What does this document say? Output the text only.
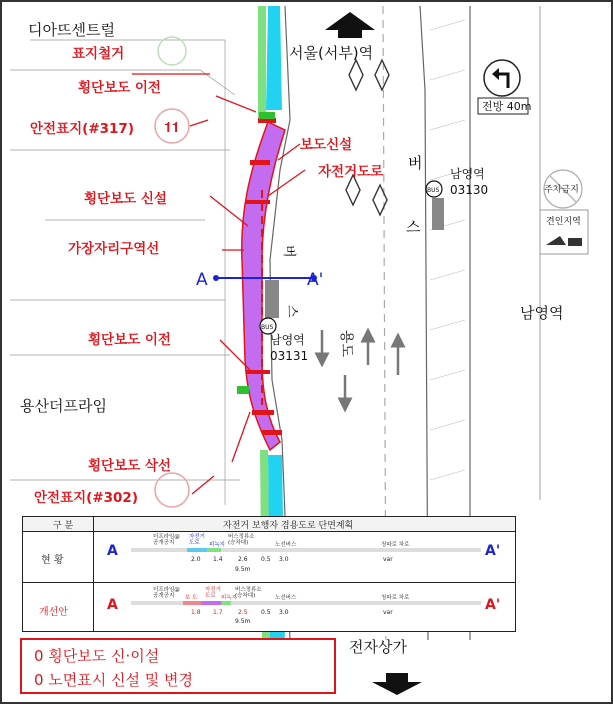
A	A'
𝟏𝟏
디아뜨센트럴
서울(서부)역
남영역
용산더프라임
전자상가
표지철거
횡단보도 이전
안전표지(#317)
보도신설
자전거도로
횡단보도 신설
가장자리구역선
횡단보도 이전
횡단보도 삭선
안전표지(#302)
버
스
버
스
용도
BUS
BUS
남영역
03130
남영역
03131
전방 40m
주차금지
견인지역
구 분	자전거 보행자 겸용도로 단면계획
현 황
A	A'
더프라임@
공개공지
자전거
도로	피녹지
버스정류소
(승차대)	노선버스	청파로 차로
2.0 1.4	2.6 0.5 3.0	var
9.5m
개선안	A	A'
더프라임@
공개공지	보 도
자전거
도로 피녹지
버스정류소
(승차대)	노선버스	청파로 차로
1.8 1.7	2.5 0.5 3.0	var
9.5m
0 횡단보도 신·이설
0 노면표시 신설 및 변경
